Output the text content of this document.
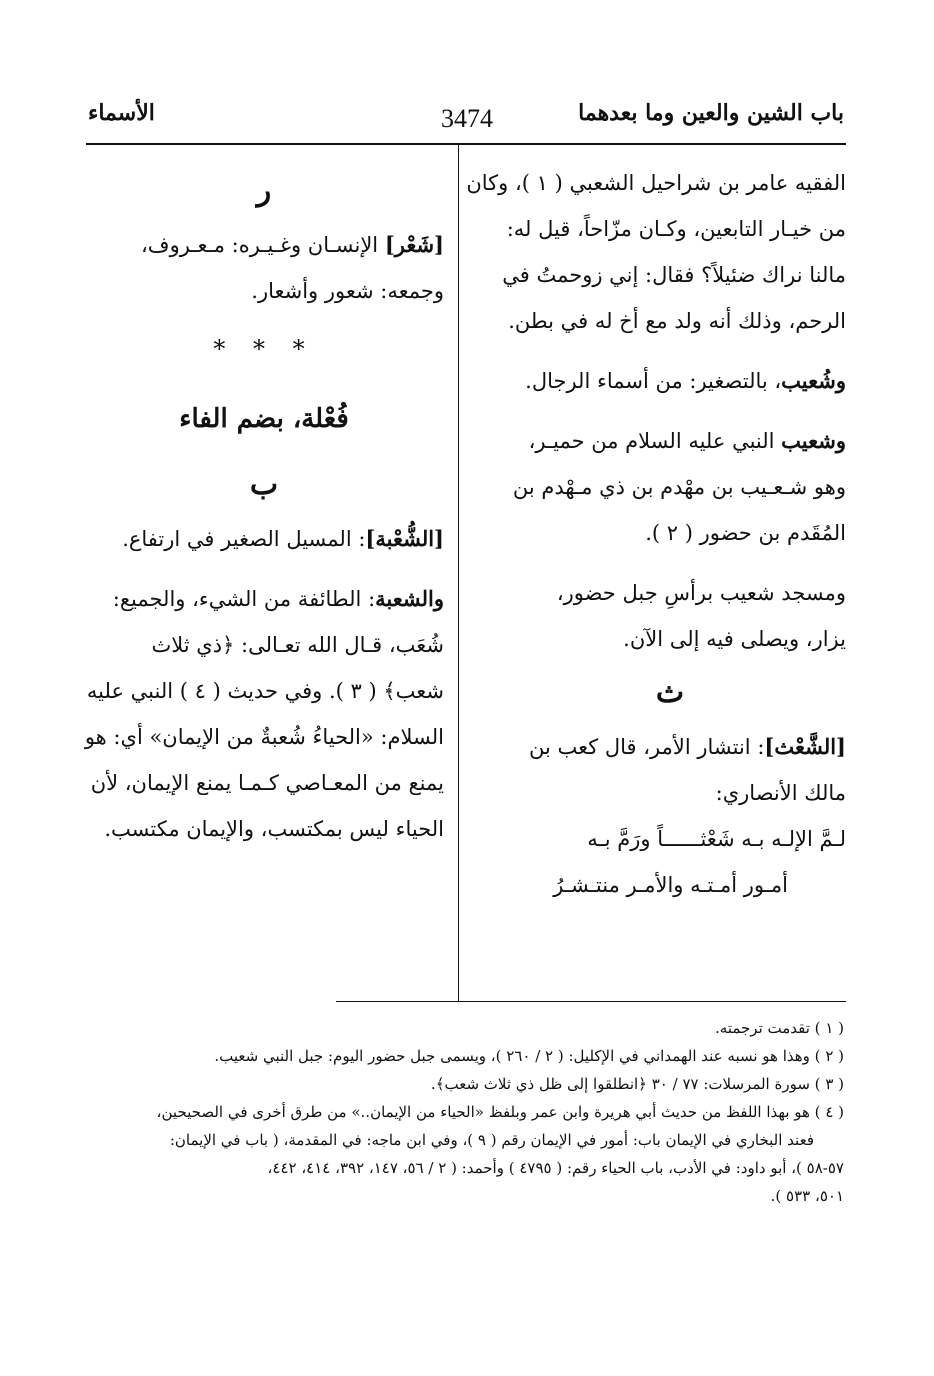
باب الشين والعين وما بعدهما
3474
الأسماء
الفقيه عامر بن شراحيل الشعبي ( ١ )، وكان
من خيـار التابعين، وكـان مزّاحاً، قيل له:
مالنا نراك ضئيلاً؟ فقال: إني زوحمتُ في
الرحم، وذلك أنه ولد مع أخ له في بطن.
وشُعيب، بالتصغير: من أسماء الرجال.
وشعيب النبي عليه السلام من حميـر،
وهو شـعـيب بن مهْدم بن ذي مـهْدم بن
المُقَدم بن حضور ( ٢ ).
ومسجد شعيب برأسِ جبل حضور،
يزار، ويصلى فيه إلى الآن.
ث
[الشَّعْث]: انتشار الأمر، قال كعب بن
مالك الأنصاري:
لـمَّ الإلـه بـه شَعْثــــــاً ورَمَّ بـه
أمـور أمـتـه والأمـر منتـشـرُ
ر
[شَعْر] الإنسـان وغـيـره: مـعـروف،
وجمعه: شعور وأشعار.
* * *
فُعْلة، بضم الفاء
ب
[الشُّعْبة]: المسيل الصغير في ارتفاع.
والشعبة: الطائفة من الشيء، والجميع:
شُعَب، قـال الله تعـالى: ﴿ذي ثلاث
شعب﴾ ( ٣ ). وفي حديث ( ٤ ) النبي عليه
السلام: «الحياءُ شُعبةٌ من الإيمان» أي: هو
يمنع من المعـاصي كـمـا يمنع الإيمان، لأن
الحياء ليس بمكتسب، والإيمان مكتسب.
( ١ ) تقدمت ترجمته.
( ٢ ) وهذا هو نسبه عند الهمداني في الإكليل: ( ٢ / ٢٦٠ )، ويسمى جبل حضور اليوم: جبل النبي شعيب.
( ٣ ) سورة المرسلات: ٧٧ / ٣٠ ﴿انطلقوا إلى ظل ذي ثلاث شعب﴾.
( ٤ ) هو بهذا اللفظ من حديث أبي هريرة وابن عمر وبلفظ «الحياء من الإيمان..» من طرق أخرى في الصحيحين،
فعند البخاري في الإيمان باب: أمور في الإيمان رقم ( ٩ )، وفي ابن ماجه: في المقدمة، ( باب في الإيمان:
٥٧-٥٨ )، أبو داود: في الأدب، باب الحياء رقم: ( ٤٧٩٥ ) وأحمد: ( ٢ / ٥٦، ١٤٧، ٣٩٢، ٤١٤، ٤٤٢،
٥٠١، ٥٣٣ ).
